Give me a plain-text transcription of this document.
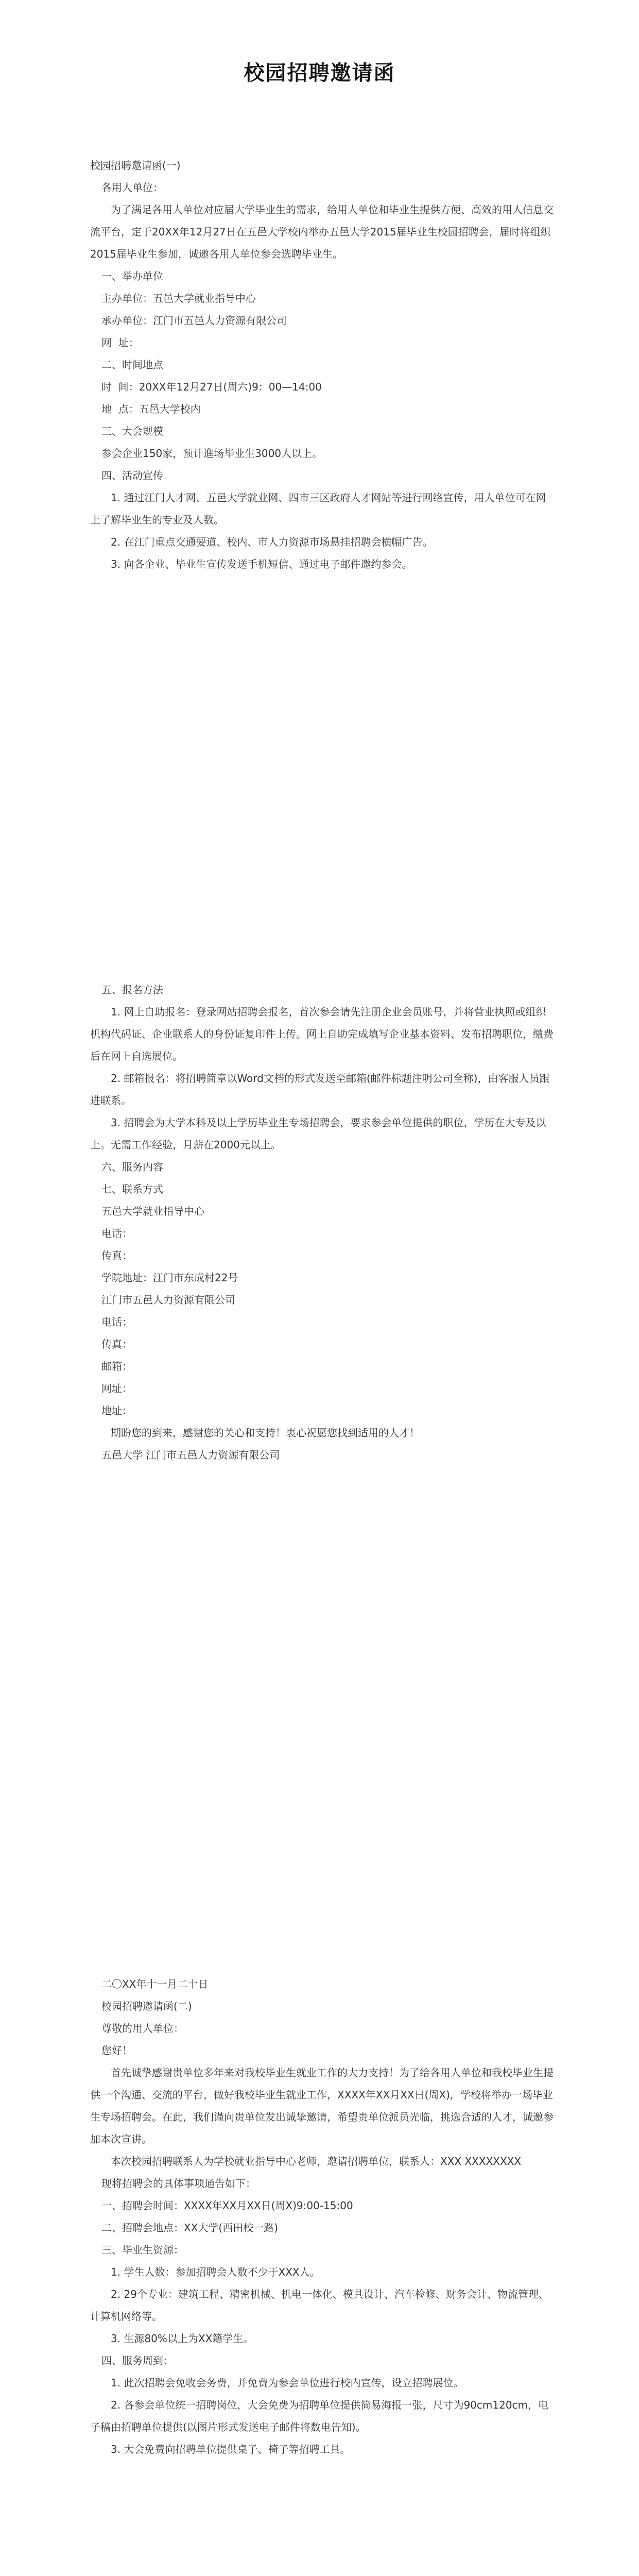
校园招聘邀请函

校园招聘邀请函(一)

各用人单位：

为了满足各用人单位对应届大学毕业生的需求，给用人单位和毕业生提供方便、高效的用人信息交流平台，定于20XX年12月27日在五邑大学校内举办五邑大学2015届毕业生校园招聘会，届时将组织2015届毕业生参加，诚邀各用人单位参会选聘毕业生。

一、举办单位

主办单位：五邑大学就业指导中心

承办单位：江门市五邑人力资源有限公司

网  址：

二、时间地点

时  间：20XX年12月27日(周六)9：00—14:00

地  点：五邑大学校内

三、大会规模

参会企业150家，预计進场毕业生3000人以上。

四、活动宣传

1. 通过江门人才网、五邑大学就业网、四市三区政府人才网站等进行网络宣传，用人单位可在网上了解毕业生的专业及人数。

2. 在江门重点交通要道、校内、市人力资源市场悬挂招聘会横幅广告。

3. 向各企业、毕业生宣传发送手机短信、通过电子邮件邀约参会。

五、报名方法

1. 网上自助报名：登录网站招聘会报名，首次参会请先注册企业会员账号，并将营业执照或组织机构代码证、企业联系人的身份证复印件上传。网上自助完成填写企业基本资料、发布招聘职位，缴费后在网上自选展位。

2. 邮箱报名：将招聘简章以Word文档的形式发送至邮箱(邮件标题注明公司全称)，由客服人员跟进联系。

3. 招聘会为大学本科及以上学历毕业生专场招聘会，要求参会单位提供的职位，学历在大专及以上。无需工作经验，月薪在2000元以上。

六、服务内容

七、联系方式

五邑大学就业指导中心

电话：

传真：

学院地址：江门市东成村22号

江门市五邑人力资源有限公司

电话：

传真：

邮箱：

网址：

地址：

期盼您的到来，感谢您的关心和支持！衷心祝愿您找到适用的人才！

五邑大学 江门市五邑人力资源有限公司

二〇XX年十一月二十日

校园招聘邀请函(二)

尊敬的用人单位：

您好！

首先诚挚感谢贵单位多年来对我校毕业生就业工作的大力支持！为了给各用人单位和我校毕业生提供一个沟通、交流的平台，做好我校毕业生就业工作，XXXX年XX月XX日(周X)，学校将举办一场毕业生专场招聘会。在此，我们谨向贵单位发出诚挚邀请，希望贵单位派员光临，挑选合适的人才，诚邀参加本次宣讲。

本次校园招聘联系人为学校就业指导中心老师，邀请招聘单位，联系人：XXX XXXXXXXX

现将招聘会的具体事项通告如下：

一、招聘会时间：XXXX年XX月XX日(周X)9:00-15:00

二、招聘会地点：XX大学(西田校一路)

三、毕业生资源：

1. 学生人数：参加招聘会人数不少于XXX人。

2. 29个专业：建筑工程、精密机械、机电一体化、模具设计、汽车检修、财务会计、物流管理、计算机网络等。

3. 生源80%以上为XX籍学生。

四、服务周到：

1. 此次招聘会免收会务费，并免费为参会单位进行校内宣传，设立招聘展位。

2. 各参会单位统一招聘岗位，大会免费为招聘单位提供简易海报一张，尺寸为90cm120cm，电子稿由招聘单位提供(以图片形式发送电子邮件将数电告知)。

3. 大会免费向招聘单位提供桌子、椅子等招聘工具。
